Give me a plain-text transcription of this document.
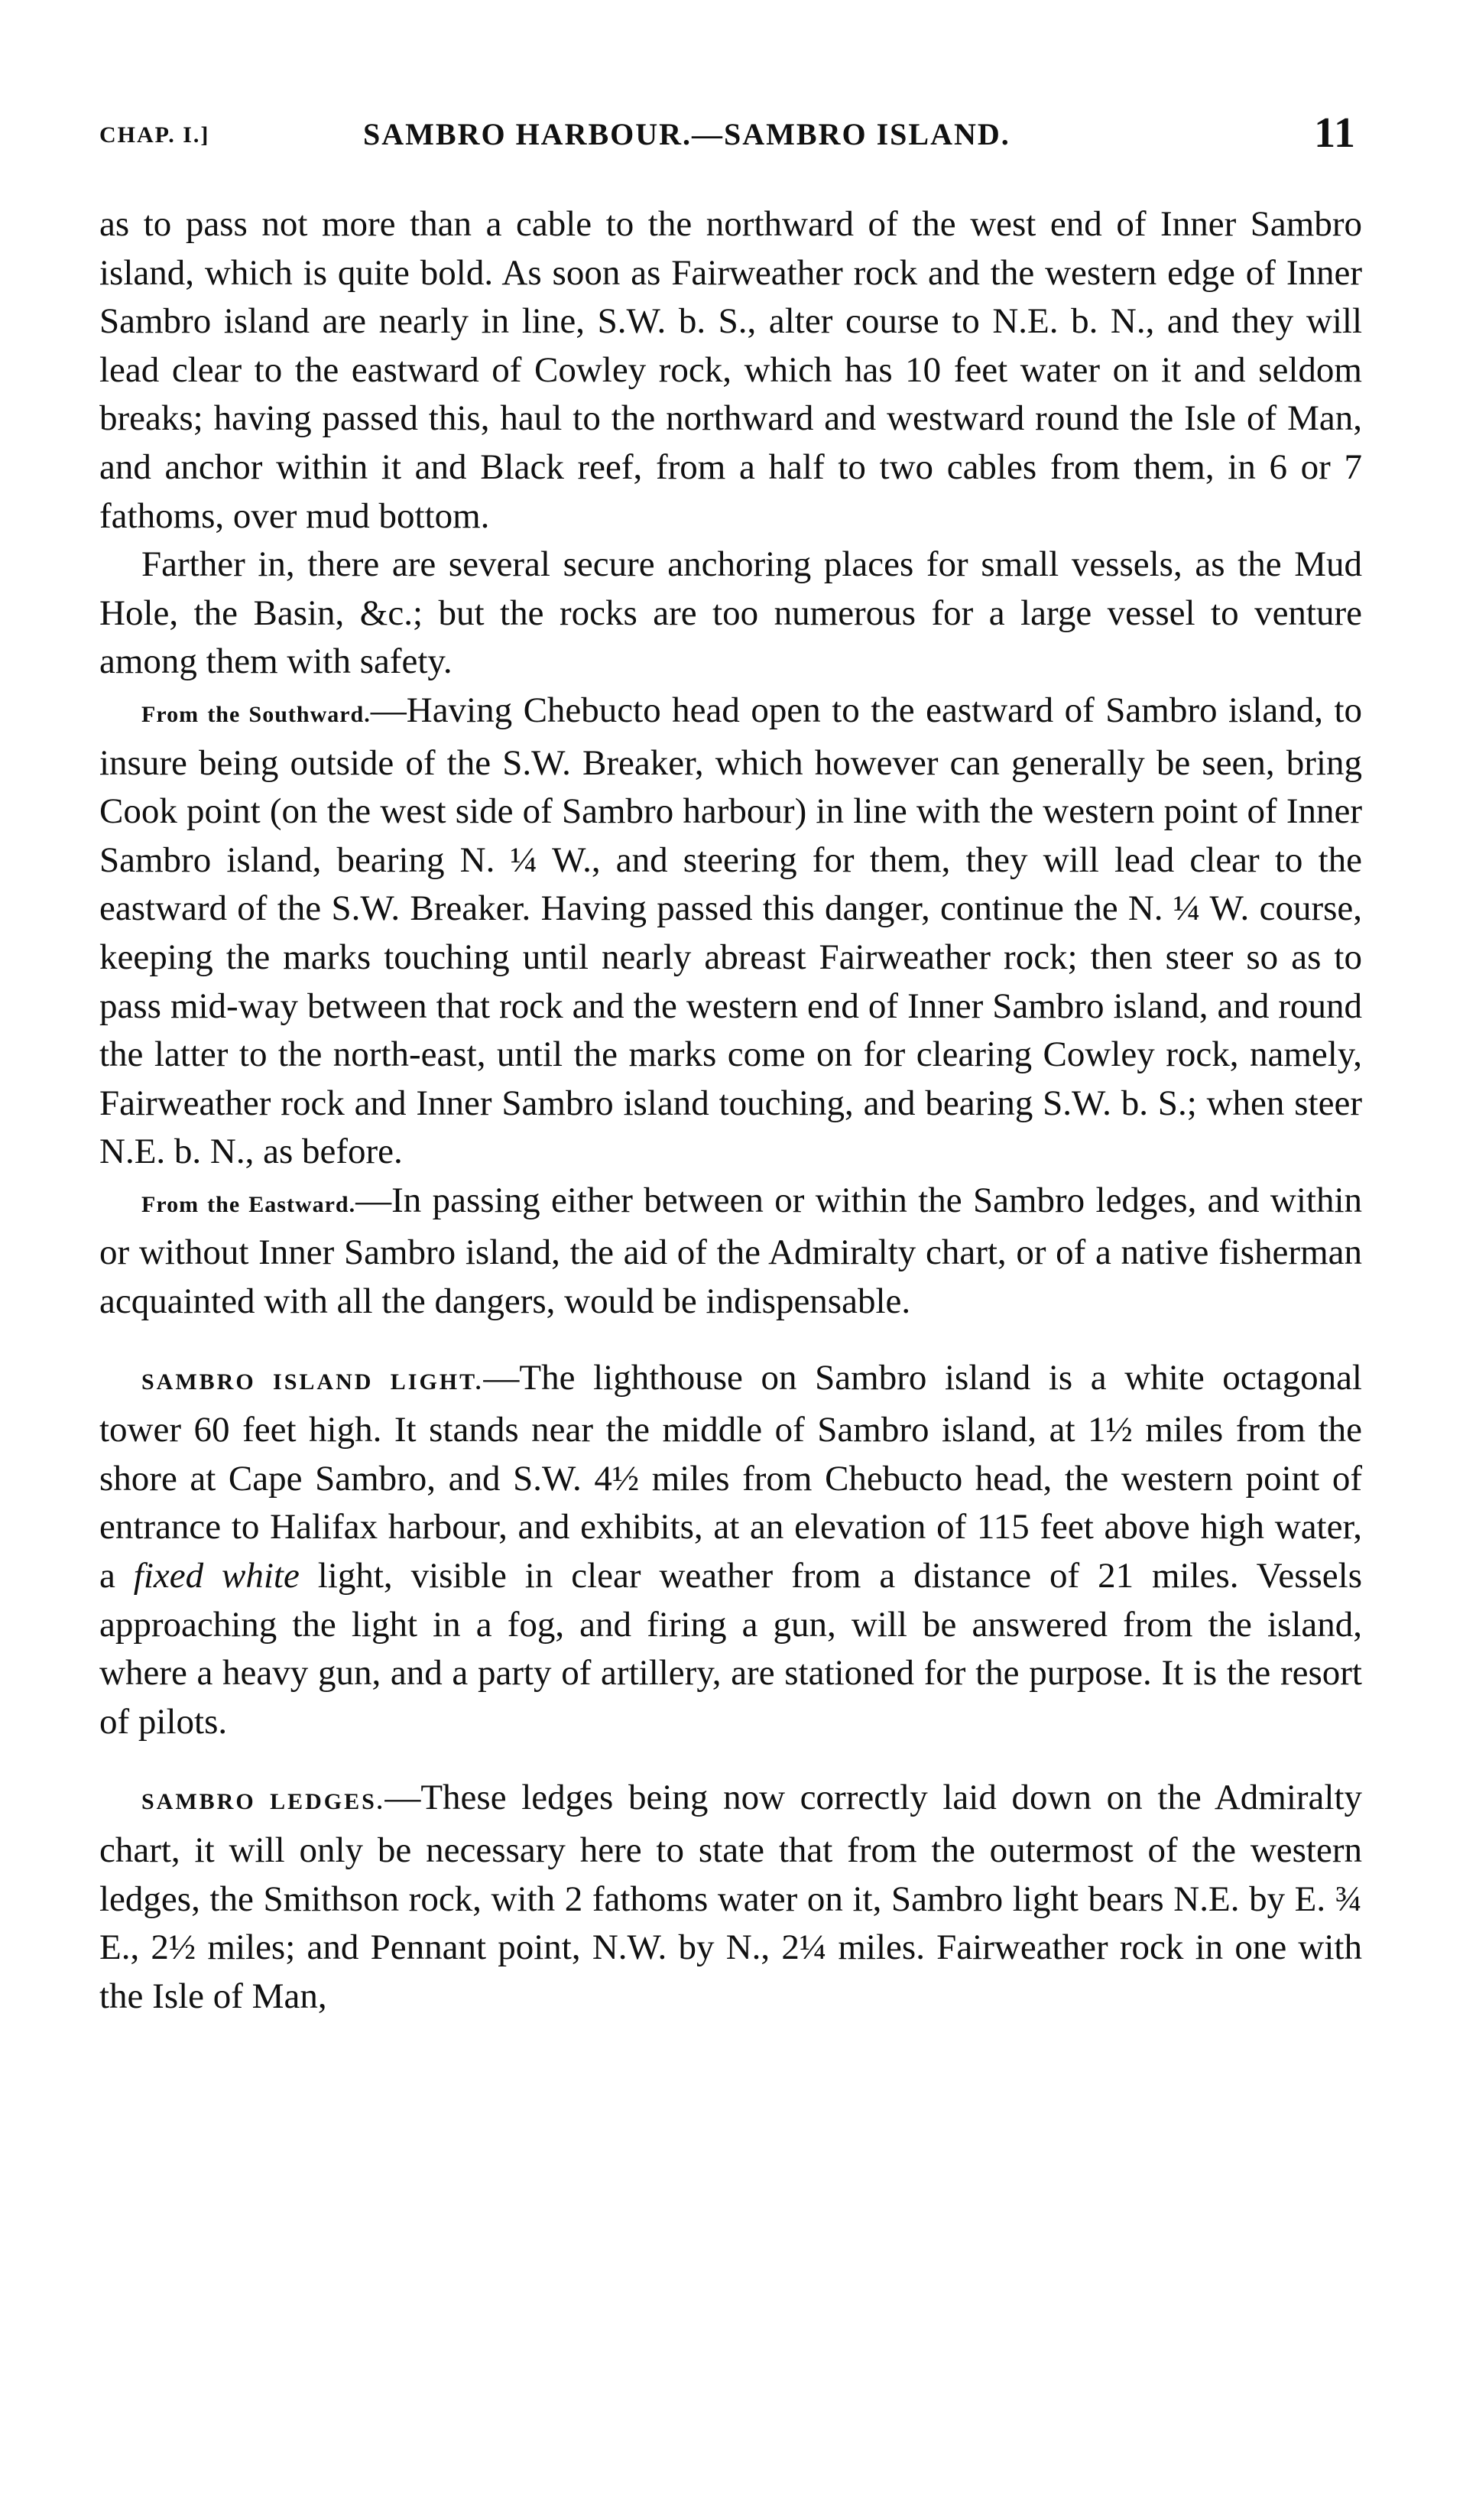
CHAP. I.]	SAMBRO HARBOUR.—SAMBRO ISLAND.	11

as to pass not more than a cable to the northward of the west end of Inner Sambro island, which is quite bold. As soon as Fairweather rock and the western edge of Inner Sambro island are nearly in line, S.W. b. S., alter course to N.E. b. N., and they will lead clear to the eastward of Cowley rock, which has 10 feet water on it and seldom breaks; having passed this, haul to the northward and westward round the Isle of Man, and anchor within it and Black reef, from a half to two cables from them, in 6 or 7 fathoms, over mud bottom.

Farther in, there are several secure anchoring places for small vessels, as the Mud Hole, the Basin, &c.; but the rocks are too numerous for a large vessel to venture among them with safety.

From the Southward.—Having Chebucto head open to the eastward of Sambro island, to insure being outside of the S.W. Breaker, which however can generally be seen, bring Cook point (on the west side of Sambro harbour) in line with the western point of Inner Sambro island, bearing N. ¼ W., and steering for them, they will lead clear to the eastward of the S.W. Breaker. Having passed this danger, continue the N. ¼ W. course, keeping the marks touching until nearly abreast Fairweather rock; then steer so as to pass mid-way between that rock and the western end of Inner Sambro island, and round the latter to the north-east, until the marks come on for clearing Cowley rock, namely, Fairweather rock and Inner Sambro island touching, and bearing S.W. b. S.; when steer N.E. b. N., as before.

From the Eastward.—In passing either between or within the Sambro ledges, and within or without Inner Sambro island, the aid of the Admiralty chart, or of a native fisherman acquainted with all the dangers, would be indispensable.

SAMBRO ISLAND LIGHT.—The lighthouse on Sambro island is a white octagonal tower 60 feet high. It stands near the middle of Sambro island, at 1½ miles from the shore at Cape Sambro, and S.W. 4½ miles from Chebucto head, the western point of entrance to Halifax harbour, and exhibits, at an elevation of 115 feet above high water, a fixed white light, visible in clear weather from a distance of 21 miles. Vessels approaching the light in a fog, and firing a gun, will be answered from the island, where a heavy gun, and a party of artillery, are stationed for the purpose. It is the resort of pilots.

SAMBRO LEDGES.—These ledges being now correctly laid down on the Admiralty chart, it will only be necessary here to state that from the outermost of the western ledges, the Smithson rock, with 2 fathoms water on it, Sambro light bears N.E. by E. ¾ E., 2½ miles; and Pennant point, N.W. by N., 2¼ miles. Fairweather rock in one with the Isle of Man,
